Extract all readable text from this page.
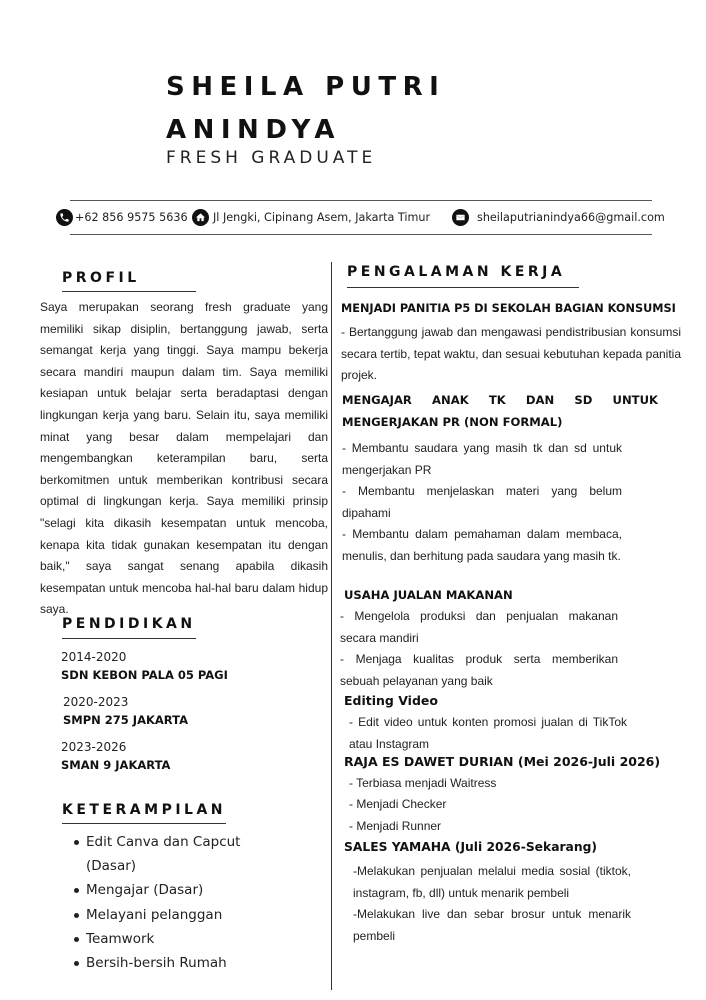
SHEILA PUTRI
ANINDYA
FRESH GRADUATE
+62 856 9575 5636 Jl Jengki, Cipinang Asem, Jakarta Timur	sheilaputrianindya66@gmail.com
PROFIL
Saya merupakan seorang fresh graduate yang memiliki sikap disiplin, bertanggung jawab, serta semangat kerja yang tinggi. Saya mampu bekerja secara mandiri maupun dalam tim. Saya memiliki kesiapan untuk belajar serta beradaptasi dengan lingkungan kerja yang baru. Selain itu, saya memiliki minat yang besar dalam mempelajari dan mengembangkan keterampilan baru, serta berkomitmen untuk memberikan kontribusi secara optimal di lingkungan kerja. Saya memiliki prinsip "selagi kita dikasih kesempatan untuk mencoba, kenapa kita tidak gunakan kesempatan itu dengan baik," saya sangat senang apabila dikasih kesempatan untuk mencoba hal-hal baru dalam hidup saya.
PENDIDIKAN
2014-2020
SDN KEBON PALA 05 PAGI
2020-2023
SMPN 275 JAKARTA
2023-2026
SMAN 9 JAKARTA
KETERAMPILAN
Edit Canva dan Capcut (Dasar)
Mengajar (Dasar)
Melayani pelanggan
Teamwork
Bersih-bersih Rumah
PENGALAMAN KERJA
MENJADI PANITIA P5 DI SEKOLAH BAGIAN KONSUMSI
- Bertanggung jawab dan mengawasi pendistribusian konsumsi secara tertib, tepat waktu, dan sesuai kebutuhan kepada panitia projek.
MENGAJAR ANAK TK DAN SD UNTUK MENGERJAKAN PR (NON FORMAL)
- Membantu saudara yang masih tk dan sd untuk mengerjakan PR
- Membantu menjelaskan materi yang belum dipahami
- Membantu dalam pemahaman dalam membaca, menulis, dan berhitung pada saudara yang masih tk.
USAHA JUALAN MAKANAN
- Mengelola produksi dan penjualan makanan secara mandiri
- Menjaga kualitas produk serta memberikan sebuah pelayanan yang baik
Editing Video
- Edit video untuk konten promosi jualan di TikTok atau Instagram
RAJA ES DAWET DURIAN (Mei 2026-Juli 2026)
- Terbiasa menjadi Waitress
- Menjadi Checker
- Menjadi Runner
SALES YAMAHA (Juli 2026-Sekarang)
-Melakukan penjualan melalui media sosial (tiktok, instagram, fb, dll) untuk menarik pembeli
-Melakukan live dan sebar brosur untuk menarik pembeli
